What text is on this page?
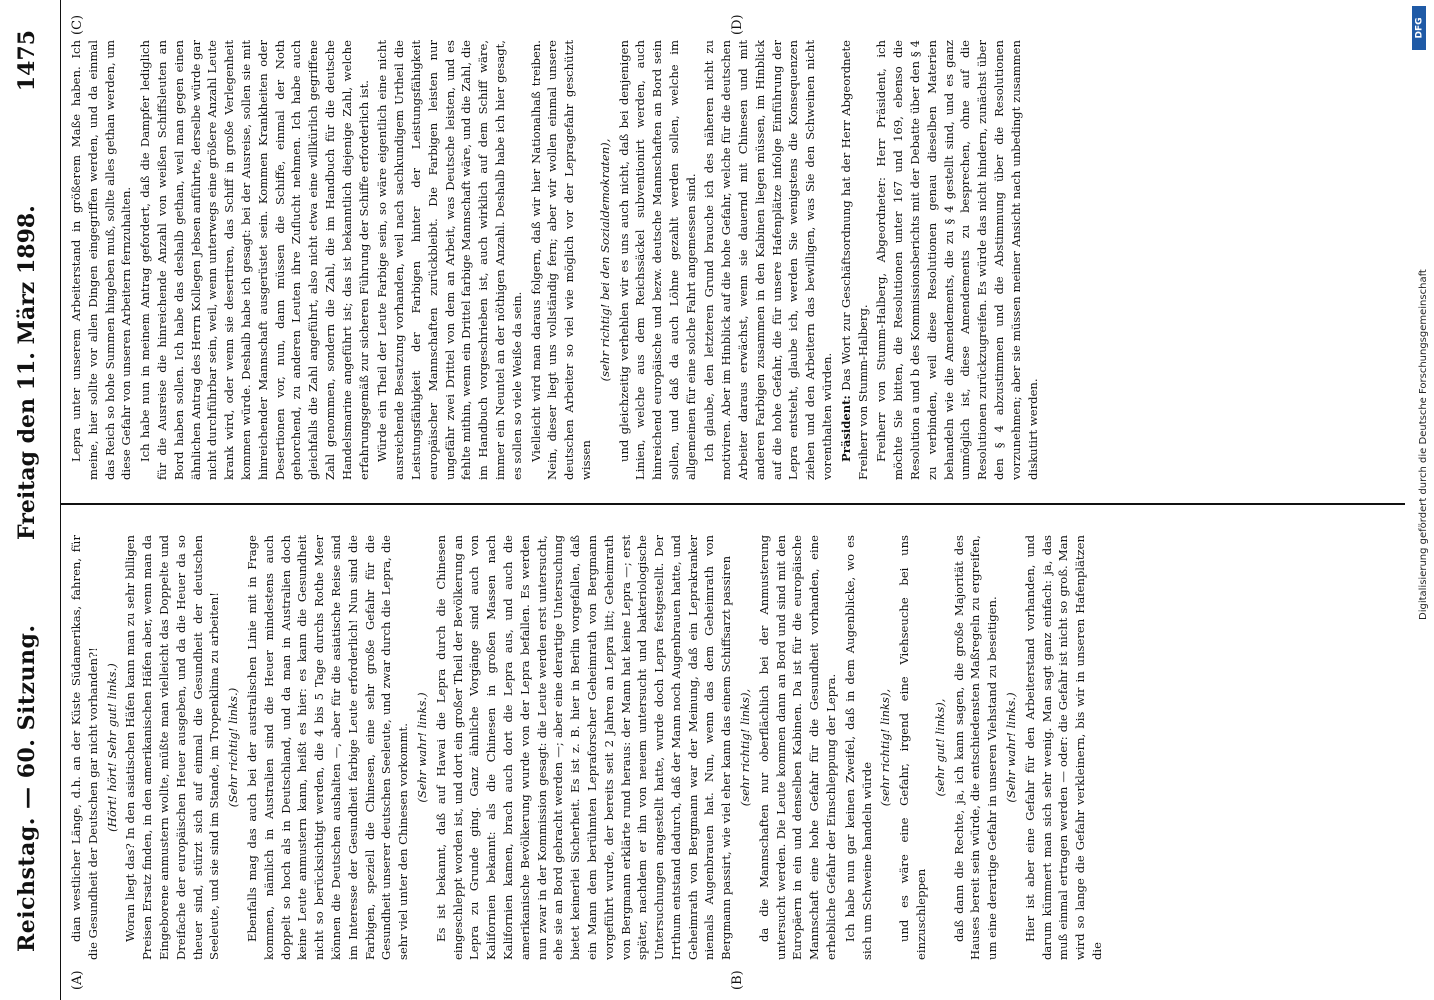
Reichstag. — 60. Sitzung.
Freitag den 11. März 1898.
1475
(A)	(B)
(C)	(D)

dian westlicher Länge, d.h. an der Küste Südamerikas, fahren, für die Gesundheit der Deutschen gar nicht vorhanden?! (Hört! hört! Sehr gut! links.) Woran liegt das? In den asiatischen Häfen kann man zu sehr billigen Preisen Ersatz finden, in den amerikanischen Häfen aber, wenn man da Eingeborene anmustern wollte, müßte man vielleicht das Doppelte und Dreifache der europäischen Heuer ausgeben, und da die Heuer da so theuer sind, stürzt sich auf einmal die Gesundheit der deutschen Seeleute, und sie sind im Stande, im Tropenklima zu arbeiten! (Sehr richtig! links.) Ebenfalls mag das auch bei der australischen Linie mit in Frage kommen, nämlich in Australien sind die Heuer mindestens auch doppelt so hoch als in Deutschland, und da man in Australien doch keine Leute anmustern kann, heißt es hier: es kann die Gesundheit nicht so berücksichtigt werden, die 4 bis 5 Tage durchs Rothe Meer können die Deutschen aushalten —, aber für die asiatische Reise sind im Interesse der Gesundheit farbige Leute erforderlich! Nun sind die Farbigen, speziell die Chinesen, eine sehr große Gefahr für die Gesundheit unserer deutschen Seeleute, und zwar durch die Lepra, die sehr viel unter den Chinesen vorkommt. (Sehr wahr! links.) Es ist bekannt, daß auf Hawai die Lepra durch die Chinesen eingeschleppt worden ist, und dort ein großer Theil der Bevölkerung an Lepra zu Grunde ging. Ganz ähnliche Vorgänge sind auch von Kalifornien bekannt: als die Chinesen in großen Massen nach Kalifornien kamen, brach auch dort die Lepra aus, und auch die amerikanische Bevölkerung wurde von der Lepra befallen. Es werden nun zwar in der Kommission gesagt: die Leute werden erst untersucht, ehe sie an Bord gebracht werden —; aber eine derartige Untersuchung bietet keinerlei Sicherheit. Es ist z. B. hier in Berlin vorgefallen, daß ein Mann dem berühmten Lepraforscher Geheimrath von Bergmann vorgeführt wurde, der bereits seit 2 Jahren an Lepra litt; Geheimrath von Bergmann erklärte rund heraus: der Mann hat keine Lepra —; erst später, nachdem er ihn von neuem untersucht und bakteriologische Untersuchungen angestellt hatte, wurde doch Lepra festgestellt. Der Irrthum entstand dadurch, daß der Mann noch Augenbrauen hatte, und Geheimrath von Bergmann war der Meinung, daß ein Leprakranker niemals Augenbrauen hat. Nun, wenn das dem Geheimrath von Bergmann passirt, wie viel eher kann das einem Schiffsarzt passiren (sehr richtig! links), da die Mannschaften nur oberflächlich bei der Anmusterung untersucht werden. Die Leute kommen dann an Bord und sind mit den Europäern in ein und denselben Kabinen. Da ist für die europäische Mannschaft eine hohe Gefahr für die Gesundheit vorhanden, eine erhebliche Gefahr der Einschleppung der Lepra. Ich habe nun gar keinen Zweifel, daß in dem Augenblicke, wo es sich um Schweine handeln würde

(sehr richtig! links), und es wäre eine Gefahr, irgend eine Viehseuche bei uns einzuschleppen

(sehr gut! links), daß dann die Rechte, ja, ich kann sagen, die große Majorität des Hauses bereit sein würde, die entschiedensten Maßregeln zu ergreifen, um eine derartige Gefahr in unseren Viehstand zu beseitigen. (Sehr wahr! links.) Hier ist aber eine Gefahr für den Arbeiterstand vorhanden, und darum kümmert man sich sehr wenig. Man sagt ganz einfach: ja, das muß einmal ertragen werden — oder: die Gefahr ist nicht so groß. Man wird so lange die Gefahr verkleinern, bis wir in unseren Hafenplätzen die

Lepra unter unserem Arbeiterstand in größerem Maße haben. Ich meine, hier sollte vor allen Dingen eingegriffen werden, und da einmal das Reich so hohe Summen hingeben muß, sollte alles gethan werden, um diese Gefahr von unseren Arbeitern fernzuhalten. Ich habe nun in meinem Antrag gefordert, daß die Dampfer lediglich für die Ausreise die hinreichende Anzahl von weißen Schiffsleuten an Bord haben sollen. Ich habe das deshalb gethan, weil man gegen einen ähnlichen Antrag des Herrn Kollegen Jebsen anführte, derselbe würde gar nicht durchführbar sein, weil, wenn unterwegs eine größere Anzahl Leute krank wird, oder wenn sie desertiren, das Schiff in große Verlegenheit kommen würde. Deshalb habe ich gesagt: bei der Ausreise, sollen sie mit hinreichender Mannschaft ausgerüstet sein. Kommen Krankheiten oder Desertionen vor, nun, dann müssen die Schiffe, einmal der Noth gehorchend, zu anderen Leuten ihre Zuflucht nehmen. Ich habe auch gleichfalls die Zahl angeführt, also nicht etwa eine willkürlich gegriffene Zahl genommen, sondern die Zahl, die im Handbuch für die deutsche Handelsmarine angeführt ist; das ist bekanntlich diejenige Zahl, welche erfahrungsgemäß zur sicheren Führung der Schiffe erforderlich ist. Würde ein Theil der Leute Farbige sein, so wäre eigentlich eine nicht ausreichende Besatzung vorhanden, weil nach sachkundigem Urtheil die Leistungsfähigkeit der Farbigen hinter der Leistungsfähigkeit europäischer Mannschaften zurückbleibt. Die Farbigen leisten nur ungefähr zwei Drittel von dem an Arbeit, was Deutsche leisten, und es fehlte mithin, wenn ein Drittel farbige Mannschaft wäre, und die Zahl, die im Handbuch vorgeschrieben ist, auch wirklich auf dem Schiff wäre, immer ein Neuntel an der nöthigen Anzahl. Deshalb habe ich hier gesagt, es sollen so viele Weiße da sein. Vielleicht wird man daraus folgern, daß wir hier Nationalhaß treiben. Nein, dieser liegt uns vollständig fern; aber wir wollen einmal unsere deutschen Arbeiter so viel wie möglich vor der Lepragefahr geschützt wissen

(sehr richtig! bei den Sozialdemokraten), und gleichzeitig verhehlen wir es uns auch nicht, daß bei denjenigen Linien, welche aus dem Reichssäckel subventionirt werden, auch hinreichend europäische und bezw. deutsche Mannschaften an Bord sein sollen, und daß da auch Löhne gezahlt werden sollen, welche im allgemeinen für eine solche Fahrt angemessen sind. Ich glaube, den letzteren Grund brauche ich des näheren nicht zu motiviren. Aber im Hinblick auf die hohe Gefahr, welche für die deutschen Arbeiter daraus erwächst, wenn sie dauernd mit Chinesen und mit anderen Farbigen zusammen in den Kabinen liegen müssen, im Hinblick auf die hohe Gefahr, die für unsere Hafenplätze infolge Einführung der Lepra entsteht, glaube ich, werden Sie wenigstens die Konsequenzen ziehen und den Arbeitern das bewilligen, was Sie den Schweinen nicht vorenthalten würden. Präsident: Das Wort zur Geschäftsordnung hat der Herr Abgeordnete Freiherr von Stumm-Halberg. Freiherr von Stumm-Halberg, Abgeordneter: Herr Präsident, ich möchte Sie bitten, die Resolutionen unter 167 und 169, ebenso die Resolution a und b des Kommissionsberichts mit der Debatte über den § 4 zu verbinden, weil diese Resolutionen genau dieselben Materien behandeln wie die Amendements, die zu § 4 gestellt sind, und es ganz unmöglich ist, diese Amendements zu besprechen, ohne auf die Resolutionen zurückzugreifen. Es würde das nicht hindern, zunächst über den § 4 abzustimmen und die Abstimmung über die Resolutionen vorzunehmen; aber sie müssen meiner Ansicht nach unbedingt zusammen diskutirt werden.

DFG
Digitalisierung gefördert durch die Deutsche Forschungsgemeinschaft
